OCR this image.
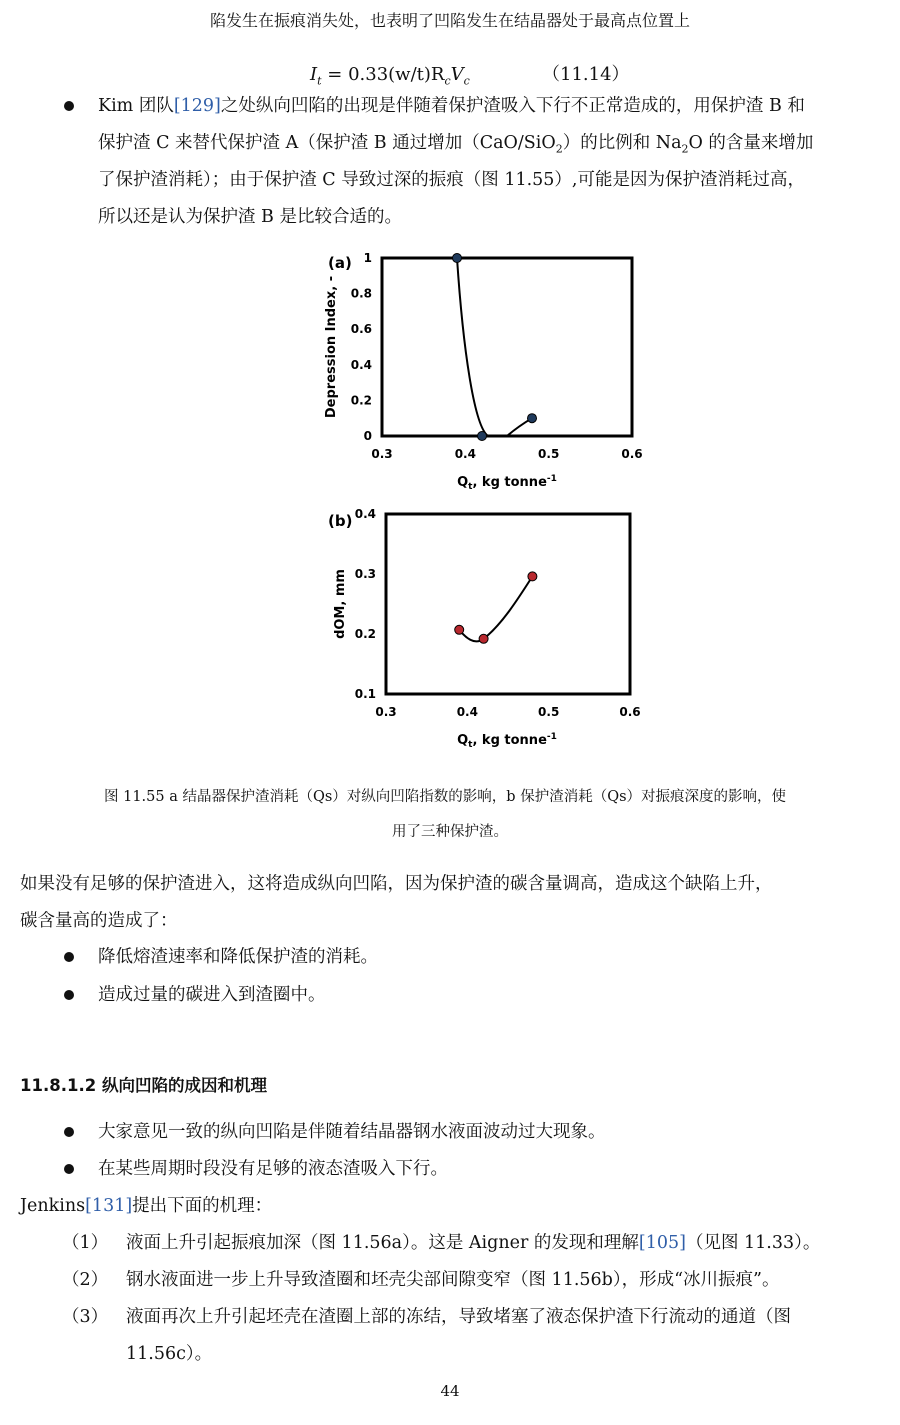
陷发生在振痕消失处，也表明了凹陷发生在结晶器处于最高点位置上
$I_t = 0.33(w/t)R_cV_c$	（11.14）
Kim 团队[129]之处纵向凹陷的出现是伴随着保护渣吸入下行不正常造成的，用保护渣 B 和
保护渣 C 来替代保护渣 A（保护渣 B 通过增加（CaO/SiO$_2$）的比例和 $Na_2O$ 的含量来增加
了保护渣消耗）；由于保护渣 C 导致过深的振痕（图 11.55）,可能是因为保护渣消耗过高，
所以还是认为保护渣 B 是比较合适的。
(a)
Depression Index, -
0
0.2
0.4
0.6
0.8
1
0.3	0.4	0.5	0.6
$Q_t$, kg tonne$^{-1}$
(b)
dOM, mm
0.1
0.2
0.3
0.4
0.3	0.4	0.5	0.6
$Q_t$, kg tonne$^{-1}$
图 11.55 a 结晶器保护渣消耗（Qs）对纵向凹陷指数的影响，b 保护渣消耗（Qs）对振痕深度的影响，使
用了三种保护渣。
如果没有足够的保护渣进入，这将造成纵向凹陷，因为保护渣的碳含量调高，造成这个缺陷上升，
碳含量高的造成了：
降低熔渣速率和降低保护渣的消耗。
造成过量的碳进入到渣圈中。
11.8.1.2 纵向凹陷的成因和机理
大家意见一致的纵向凹陷是伴随着结晶器钢水液面波动过大现象。
在某些周期时段没有足够的液态渣吸入下行。
Jenkins[131]提出下面的机理：
（1） 液面上升引起振痕加深（图 11.56a）。这是 Aigner 的发现和理解[105]（见图 11.33）。
（2） 钢水液面进一步上升导致渣圈和坯壳尖部间隙变窄（图 11.56b），形成“冰川振痕”。
（3） 液面再次上升引起坯壳在渣圈上部的冻结，导致堵塞了液态保护渣下行流动的通道（图
11.56c）。
44
